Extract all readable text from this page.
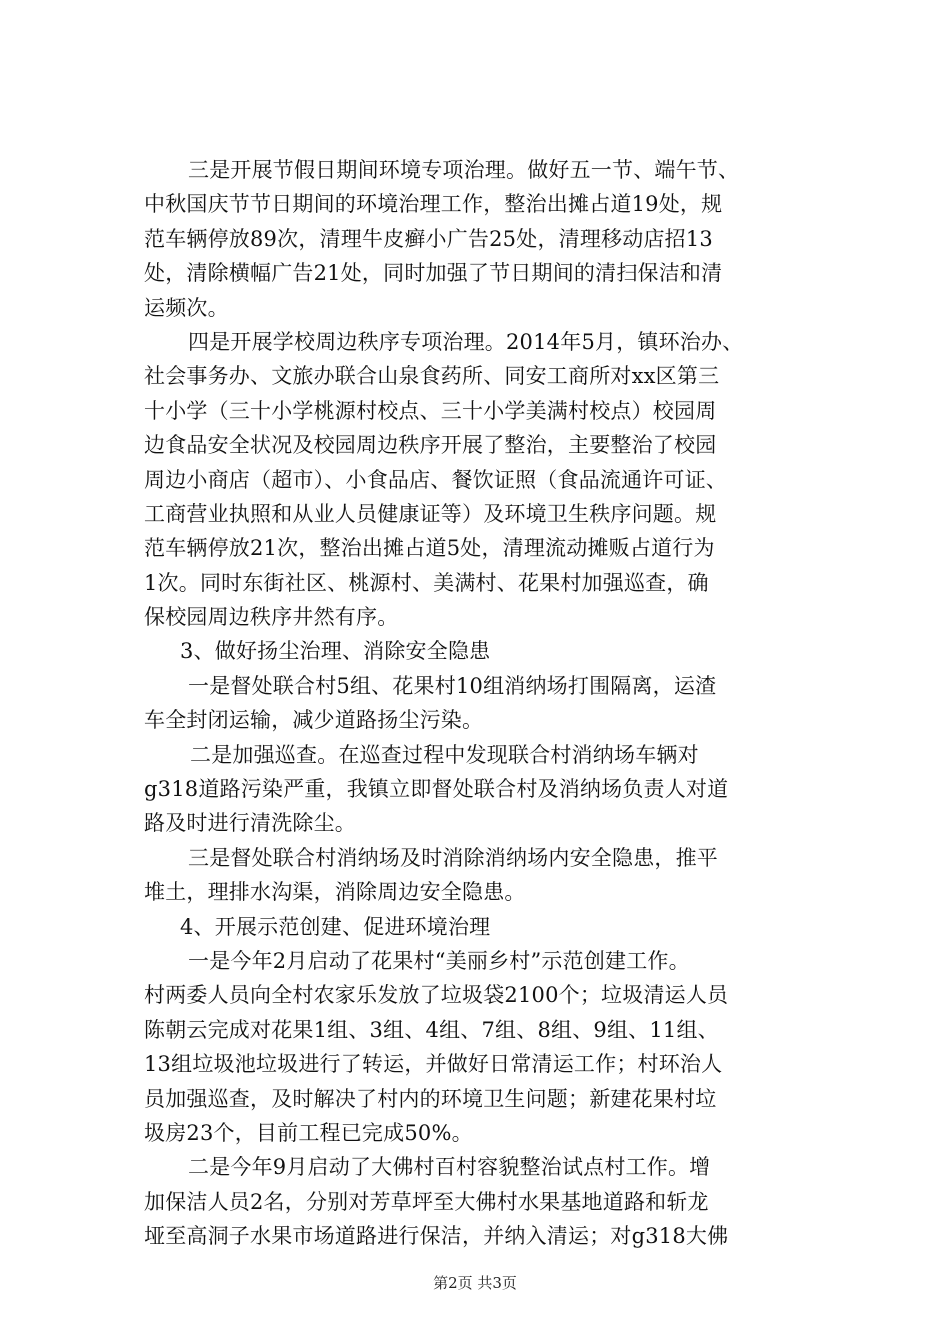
三是开展节假日期间环境专项治理。做好五一节、端午节、
中秋国庆节节日期间的环境治理工作，整治出摊占道19处，规
范车辆停放89次，清理牛皮癣小广告25处，清理移动店招13
处，清除横幅广告21处，同时加强了节日期间的清扫保洁和清
运频次。
四是开展学校周边秩序专项治理。2014年5月，镇环治办、
社会事务办、文旅办联合山泉食药所、同安工商所对xx区第三
十小学（三十小学桃源村校点、三十小学美满村校点）校园周
边食品安全状况及校园周边秩序开展了整治，主要整治了校园
周边小商店（超市）、小食品店、餐饮证照（食品流通许可证、
工商营业执照和从业人员健康证等）及环境卫生秩序问题。规
范车辆停放21次，整治出摊占道5处，清理流动摊贩占道行为
1次。同时东街社区、桃源村、美满村、花果村加强巡查，确
保校园周边秩序井然有序。
3、做好扬尘治理、消除安全隐患
一是督处联合村5组、花果村10组消纳场打围隔离，运渣
车全封闭运输，减少道路扬尘污染。
二是加强巡查。在巡查过程中发现联合村消纳场车辆对
g318道路污染严重，我镇立即督处联合村及消纳场负责人对道
路及时进行清洗除尘。
三是督处联合村消纳场及时消除消纳场内安全隐患，推平
堆土，理排水沟渠，消除周边安全隐患。
4、开展示范创建、促进环境治理
一是今年2月启动了花果村“美丽乡村”示范创建工作。
村两委人员向全村农家乐发放了垃圾袋2100个；垃圾清运人员
陈朝云完成对花果1组、3组、4组、7组、8组、9组、11组、
13组垃圾池垃圾进行了转运，并做好日常清运工作；村环治人
员加强巡查，及时解决了村内的环境卫生问题；新建花果村垃
圾房23个，目前工程已完成50%。
二是今年9月启动了大佛村百村容貌整治试点村工作。增
加保洁人员2名，分别对芳草坪至大佛村水果基地道路和斩龙
垭至高洞子水果市场道路进行保洁，并纳入清运；对g318大佛
第2页 共3页
